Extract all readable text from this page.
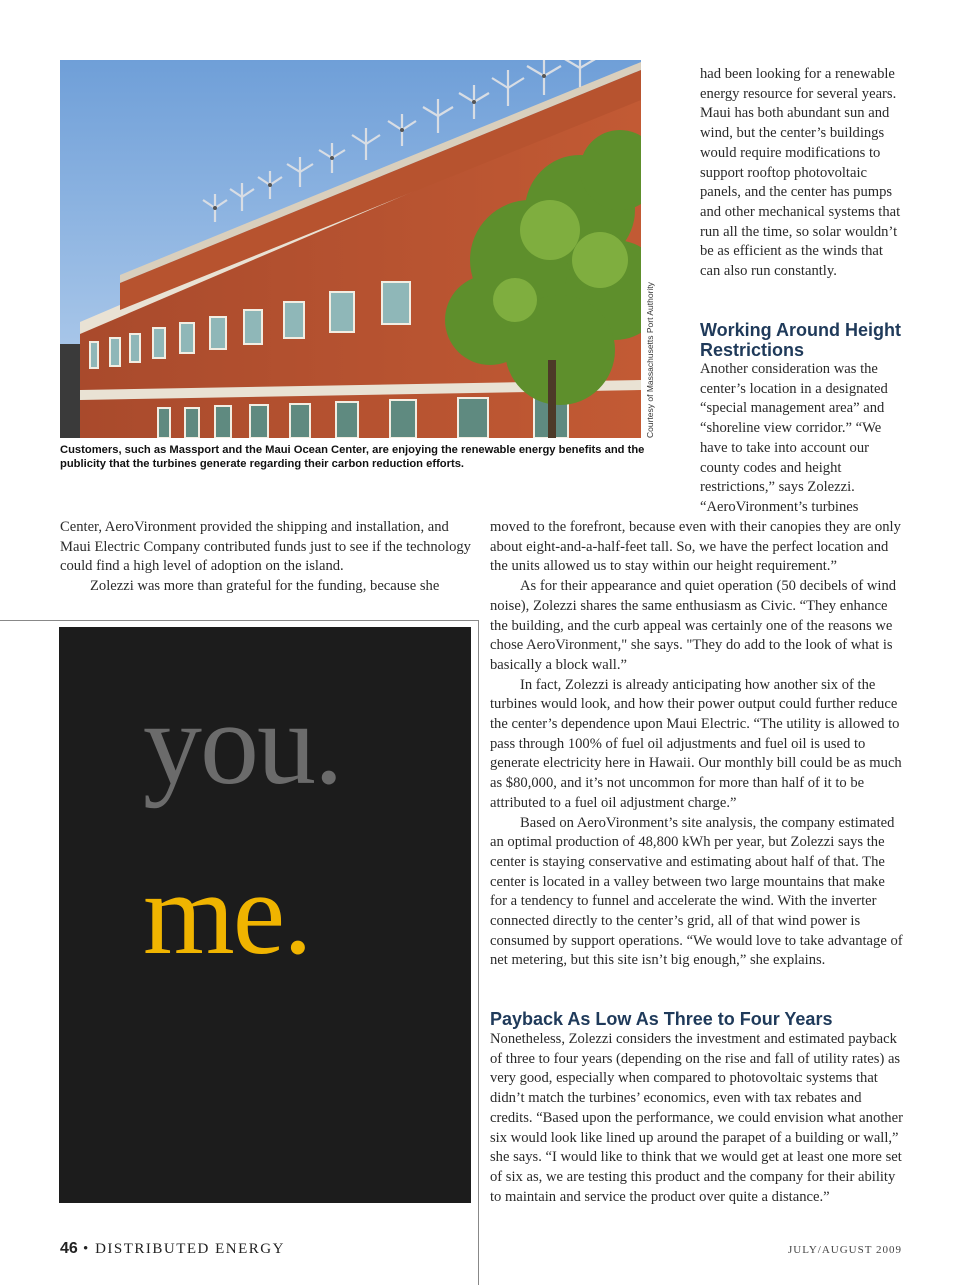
Courtesy of Massachusetts Port Authority
Customers, such as Massport and the Maui Ocean Center, are enjoying the renewable energy benefits and the publicity that the turbines generate regarding their carbon reduction efforts.

had been looking for a renewable energy resource for several years. Maui has both abundant sun and wind, but the center’s buildings would require modifications to support rooftop photovoltaic panels, and the center has pumps and other mechanical systems that run all the time, so solar wouldn’t be as efficient as the winds that can also run constantly.

Working Around Height Restrictions

Another consideration was the center’s location in a designated “special management area” and “shoreline view corridor.” “We have to take into account our county codes and height restrictions,” says Zolezzi. “AeroVironment’s turbines

Center, AeroVironment provided the shipping and installation, and Maui Electric Company contributed funds just to see if the technology could find a high level of adoption on the island.

Zolezzi was more than grateful for the funding, because she

you.
me.

moved to the forefront, because even with their canopies they are only about eight-and-a-half-feet tall. So, we have the perfect location and the units allowed us to stay within our height requirement.”

As for their appearance and quiet operation (50 decibels of wind noise), Zolezzi shares the same enthusiasm as Civic. “They enhance the building, and the curb appeal was certainly one of the reasons we chose AeroVironment," she says. "They do add to the look of what is basically a block wall.”

In fact, Zolezzi is already anticipating how another six of the turbines would look, and how their power output could further reduce the center’s dependence upon Maui Electric. “The utility is allowed to pass through 100% of fuel oil adjustments and fuel oil is used to generate electricity here in Hawaii. Our monthly bill could be as much as $80,000, and it’s not uncommon for more than half of it to be attributed to a fuel oil adjustment charge.”

Based on AeroVironment’s site analysis, the company estimated an optimal production of 48,800 kWh per year, but Zolezzi says the center is staying conservative and estimating about half of that. The center is located in a valley between two large mountains that make for a tendency to funnel and accelerate the wind. With the inverter connected directly to the center’s grid, all of that wind power is consumed by support operations. “We would love to take advantage of net metering, but this site isn’t big enough,” she explains.

Payback As Low As Three to Four Years

Nonetheless, Zolezzi considers the investment and estimated payback of three to four years (depending on the rise and fall of utility rates) as very good, especially when compared to photovoltaic systems that didn’t match the turbines’ economics, even with tax rebates and credits. “Based upon the performance, we could envision what another six would look like lined up around the parapet of a building or wall,” she says. “I would like to think that we would get at least one more set of six as, we are testing this product and the company for their ability to maintain and service the product over quite a distance.”

46 • DISTRIBUTED ENERGY	JULY/AUGUST 2009
